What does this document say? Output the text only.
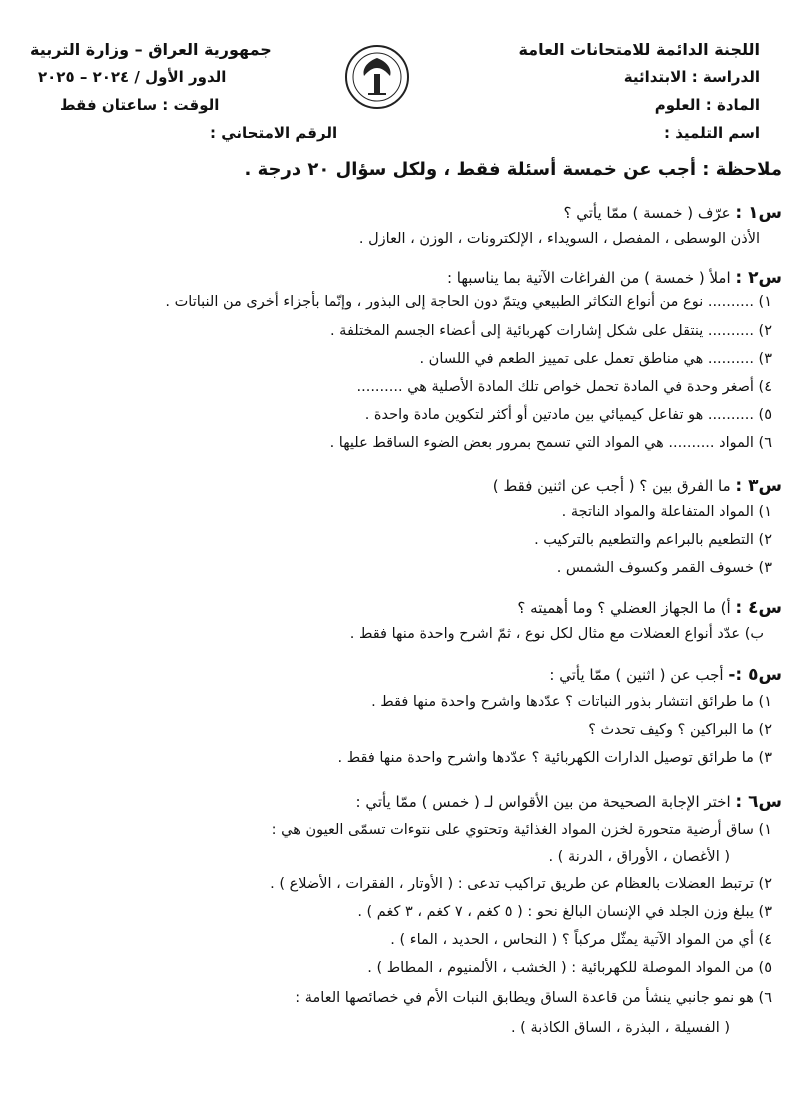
اللجنة الدائمة للامتحانات العامة
الدراسة : الابتدائية
المادة : العلوم
اسم التلميذ :
جمهورية العراق – وزارة التربية
الدور الأول / ٢٠٢٤ – ٢٠٢٥
الوقت : ساعتان فقط
الرقم الامتحاني :
ملاحظة : أجب عن خمسة أسئلة فقط ، ولكل سؤال ٢٠ درجة .
س١ : عرّف ( خمسة ) ممّا يأتي ؟
الأذن الوسطى ، المفصل ، السويداء ، الإلكترونات ، الوزن ، العازل .
س٢ : املأ ( خمسة ) من الفراغات الآتية بما يناسبها :
١) .......... نوع من أنواع التكاثر الطبيعي ويتمّ دون الحاجة إلى البذور ، وإنّما بأجزاء أخرى من النباتات .
٢) .......... ينتقل على شكل إشارات كهربائية إلى أعضاء الجسم المختلفة .
٣) .......... هي مناطق تعمل على تمييز الطعم في اللسان .
٤) أصغر وحدة في المادة تحمل خواص تلك المادة الأصلية هي ..........
٥) .......... هو تفاعل كيميائي بين مادتين أو أكثر لتكوين مادة واحدة .
٦) المواد .......... هي المواد التي تسمح بمرور بعض الضوء الساقط عليها .
س٣ : ما الفرق بين ؟ ( أجب عن اثنين فقط )
١) المواد المتفاعلة والمواد الناتجة .
٢) التطعيم بالبراعم والتطعيم بالتركيب .
٣) خسوف القمر وكسوف الشمس .
س٤ : أ) ما الجهاز العضلي ؟ وما أهميته ؟
ب) عدّد أنواع العضلات مع مثال لكل نوع ، ثمّ اشرح واحدة منها فقط .
س٥ :- أجب عن ( اثنين ) ممّا يأتي :
١) ما طرائق انتشار بذور النباتات ؟ عدّدها واشرح واحدة منها فقط .
٢) ما البراكين ؟ وكيف تحدث ؟
٣) ما طرائق توصيل الدارات الكهربائية ؟ عدّدها واشرح واحدة منها فقط .
س٦ : اختر الإجابة الصحيحة من بين الأقواس لـ ( خمس ) ممّا يأتي :
١) ساق أرضية متحورة لخزن المواد الغذائية وتحتوي على نتوءات تسمّى العيون هي :
( الأغصان ، الأوراق ، الدرنة ) .
٢) ترتبط العضلات بالعظام عن طريق تراكيب تدعى : ( الأوتار ، الفقرات ، الأضلاع ) .
٣) يبلغ وزن الجلد في الإنسان البالغ نحو : ( ٥ كغم ، ٧ كغم ، ٣ كغم ) .
٤) أي من المواد الآتية يمثّل مركباً ؟ ( النحاس ، الحديد ، الماء ) .
٥) من المواد الموصلة للكهربائية : ( الخشب ، الألمنيوم ، المطاط ) .
٦) هو نمو جانبي ينشأ من قاعدة الساق ويطابق النبات الأم في خصائصها العامة :
( الفسيلة ، البذرة ، الساق الكاذبة ) .
